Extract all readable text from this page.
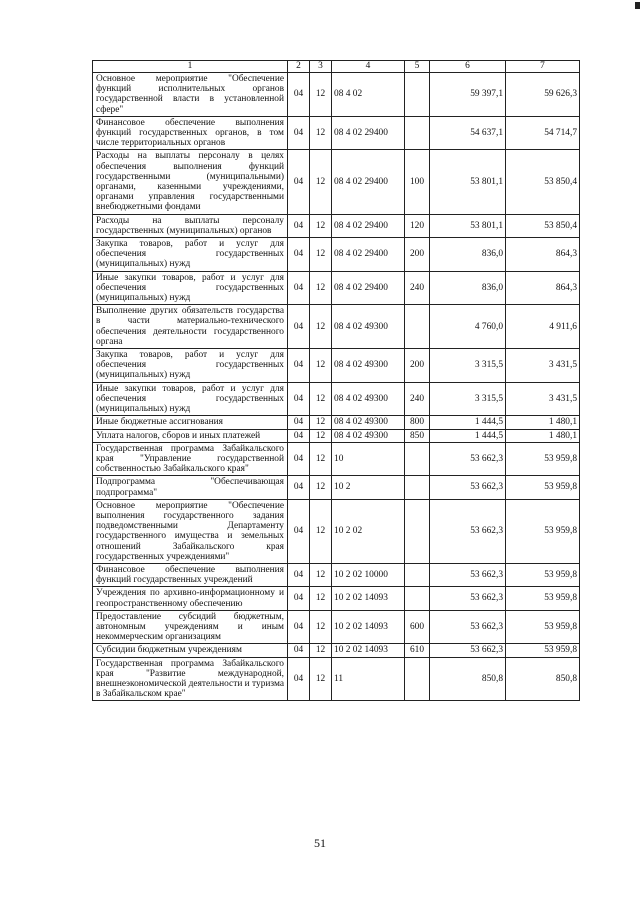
1	2	3	4	5	6	7
Основное мероприятие "Обеспечение функций исполнительных органов государственной власти в установленной сфере"	04	12	08 4 02		59 397,1	59 626,3
Финансовое обеспечение выполнения функций государственных органов, в том числе территориальных органов	04	12	08 4 02 29400		54 637,1	54 714,7
Расходы на выплаты персоналу в целях обеспечения выполнения функций государственными (муниципальными) органами, казенными учреждениями, органами управления государственными внебюджетными фондами	04	12	08 4 02 29400	100	53 801,1	53 850,4
Расходы на выплаты персоналу государственных (муниципальных) органов	04	12	08 4 02 29400	120	53 801,1	53 850,4
Закупка товаров, работ и услуг для обеспечения государственных (муниципальных) нужд	04	12	08 4 02 29400	200	836,0	864,3
Иные закупки товаров, работ и услуг для обеспечения государственных (муниципальных) нужд	04	12	08 4 02 29400	240	836,0	864,3
Выполнение других обязательств государства в части материально-технического обеспечения деятельности государственного органа	04	12	08 4 02 49300		4 760,0	4 911,6
Закупка товаров, работ и услуг для обеспечения государственных (муниципальных) нужд	04	12	08 4 02 49300	200	3 315,5	3 431,5
Иные закупки товаров, работ и услуг для обеспечения государственных (муниципальных) нужд	04	12	08 4 02 49300	240	3 315,5	3 431,5
Иные бюджетные ассигнования	04	12	08 4 02 49300	800	1 444,5	1 480,1
Уплата налогов, сборов и иных платежей	04	12	08 4 02 49300	850	1 444,5	1 480,1
Государственная программа Забайкальского края "Управление государственной собственностью Забайкальского края"	04	12	10		53 662,3	53 959,8
Подпрограмма "Обеспечивающая подпрограмма"	04	12	10 2		53 662,3	53 959,8
Основное мероприятие "Обеспечение выполнения государственного задания подведомственными Департаменту государственного имущества и земельных отношений Забайкальского края государственных учреждениями"	04	12	10 2 02		53 662,3	53 959,8
Финансовое обеспечение выполнения функций государственных учреждений	04	12	10 2 02 10000		53 662,3	53 959,8
Учреждения по архивно-информационному и геопространственному обеспечению	04	12	10 2 02 14093		53 662,3	53 959,8
Предоставление субсидий бюджетным, автономным учреждениям и иным некоммерческим организациям	04	12	10 2 02 14093	600	53 662,3	53 959,8
Субсидии бюджетным учреждениям	04	12	10 2 02 14093	610	53 662,3	53 959,8
Государственная программа Забайкальского края "Развитие международной, внешнеэкономической деятельности и туризма в Забайкальском крае"	04	12	11		850,8	850,8
51
